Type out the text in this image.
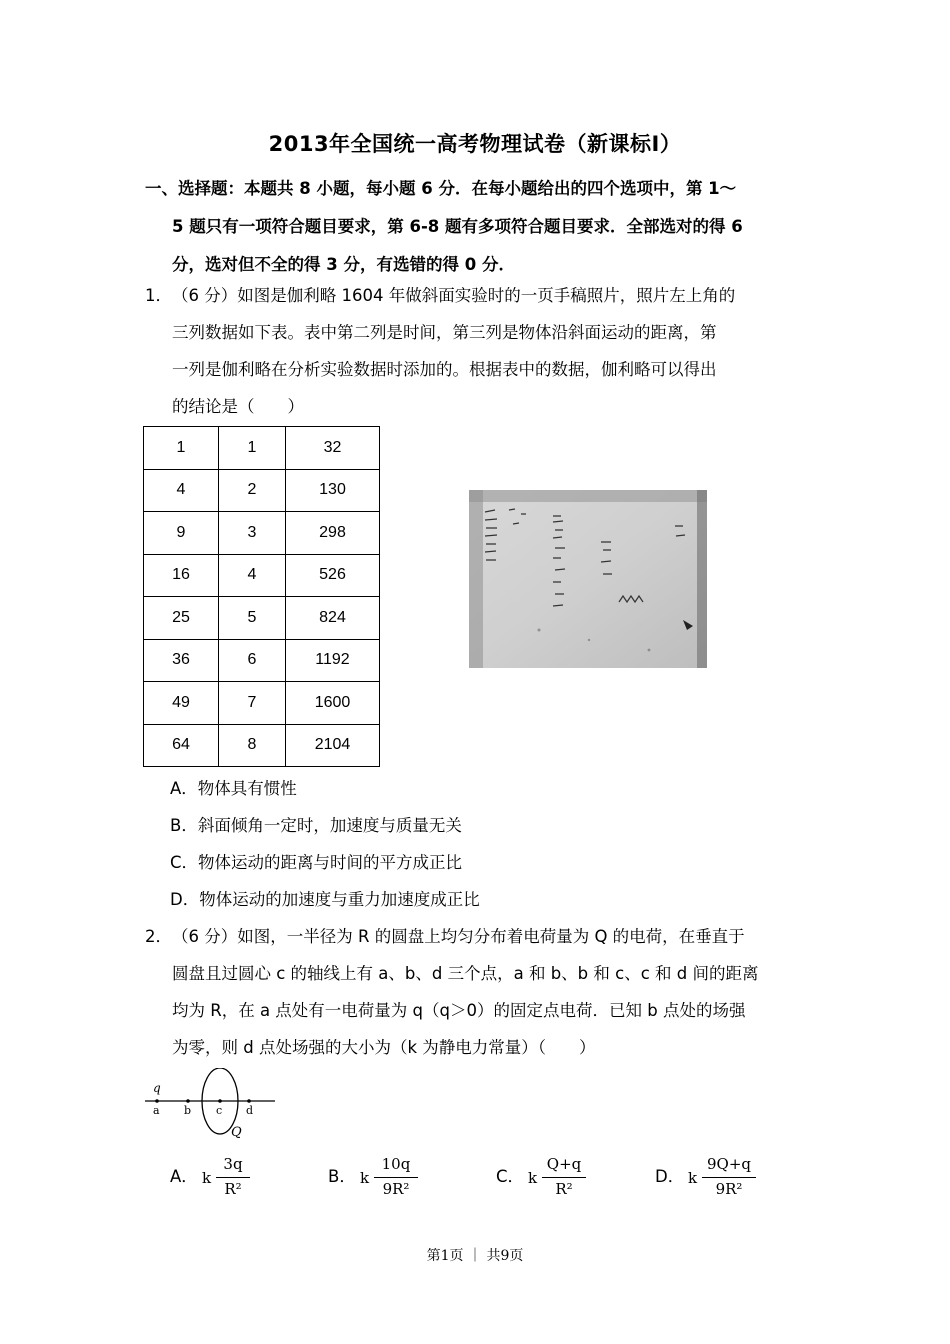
2013年全国统一高考物理试卷（新课标Ⅰ）
一、选择题：本题共 8 小题，每小题 6 分．在每小题给出的四个选项中，第 1～
5 题只有一项符合题目要求，第 6-8 题有多项符合题目要求．全部选对的得 6
分，选对但不全的得 3 分，有选错的得 0 分．
1． （6 分）如图是伽利略 1604 年做斜面实验时的一页手稿照片，照片左上角的
三列数据如下表。表中第二列是时间，第三列是物体沿斜面运动的距离，第
一列是伽利略在分析实验数据时添加的。根据表中的数据，伽利略可以得出
的结论是（　　）
1	1	32
4	2	130
9	3	298
16	4	526
25	5	824
36	6	1192
49	7	1600
64	8	2104
A．物体具有惯性
B．斜面倾角一定时，加速度与质量无关
C．物体运动的距离与时间的平方成正比
D．物体运动的加速度与重力加速度成正比
2． （6 分）如图，一半径为 R 的圆盘上均匀分布着电荷量为 Q 的电荷，在垂直于
圆盘且过圆心 c 的轴线上有 a、b、d 三个点，a 和 b、b 和 c、c 和 d 间的距离
均为 R，在 a 点处有一电荷量为 q（q＞0）的固定点电荷．已知 b 点处的场强
为零，则 d 点处场强的大小为（k 为静电力常量）（　　）
q
a b c d
Q
A． k
3q
R²
B． k
10q
9R²
C． k
Q+q
R²
D． k
9Q+q
9R²
第1页 ｜ 共9页
